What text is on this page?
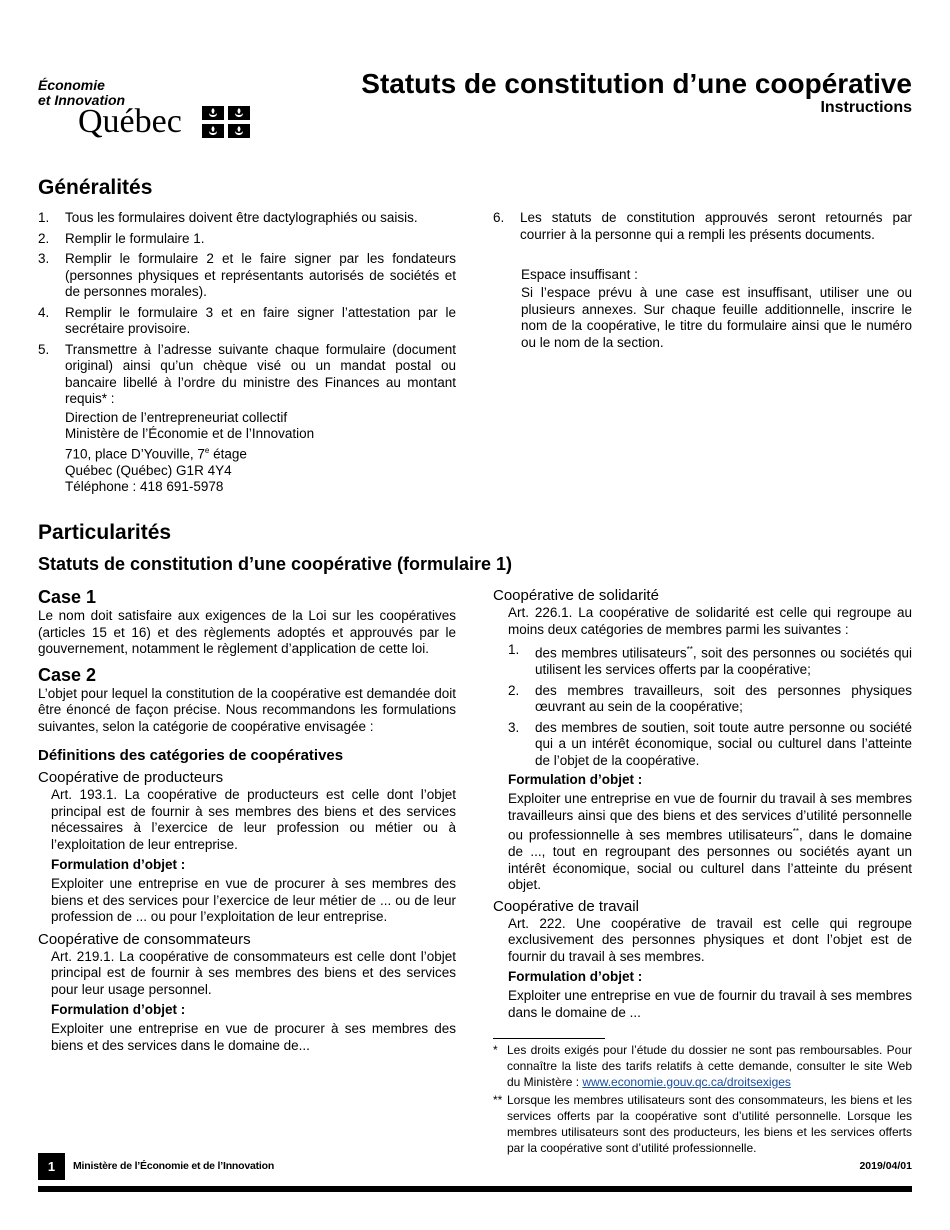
Économie
et Innovation
Québec
Statuts de constitution d’une coopérative
Instructions
Généralités
1. Tous les formulaires doivent être dactylographiés ou saisis.
2. Remplir le formulaire 1.
3. Remplir le formulaire 2 et le faire signer par les fondateurs (personnes physiques et représentants autorisés de sociétés et de personnes morales).
4. Remplir le formulaire 3 et en faire signer l’attestation par le secrétaire provisoire.
5. Transmettre à l’adresse suivante chaque formulaire (document original) ainsi qu’un chèque visé ou un mandat postal ou bancaire libellé à l’ordre du ministre des Finances au montant requis* :
Direction de l’entrepreneuriat collectif
Ministère de l’Économie et de l’Innovation
710, place D’Youville, 7e étage
Québec (Québec) G1R 4Y4
Téléphone : 418 691-5978
6. Les statuts de constitution approuvés seront retournés par courrier à la personne qui a rempli les présents documents.
Espace insuffisant :

Si l’espace prévu à une case est insuffisant, utiliser une ou plusieurs annexes. Sur chaque feuille additionnelle, inscrire le nom de la coopérative, le titre du formulaire ainsi que le numéro ou le nom de la section.

Particularités
Statuts de constitution d’une coopérative (formulaire 1)
Case 1

Le nom doit satisfaire aux exigences de la Loi sur les coopératives (articles 15 et 16) et des règlements adoptés et approuvés par le gouvernement, notamment le règlement d’application de cette loi.

Case 2

L’objet pour lequel la constitution de la coopérative est demandée doit être énoncé de façon précise. Nous recommandons les formulations suivantes, selon la catégorie de coopérative envisagée :

Définitions des catégories de coopératives
Coopérative de producteurs

Art. 193.1. La coopérative de producteurs est celle dont l’objet principal est de fournir à ses membres des biens et des services nécessaires à l’exercice de leur profession ou métier ou à l’exploitation de leur entreprise.

Formulation d’objet :

Exploiter une entreprise en vue de procurer à ses membres des biens et des services pour l’exercice de leur métier de ... ou de leur profession de ... ou pour l’exploitation de leur entreprise.

Coopérative de consommateurs

Art. 219.1. La coopérative de consommateurs est celle dont l’objet principal est de fournir à ses membres des biens et des services pour leur usage personnel.

Formulation d’objet :

Exploiter une entreprise en vue de procurer à ses membres des biens et des services dans le domaine de...

Coopérative de solidarité

Art. 226.1. La coopérative de solidarité est celle qui regroupe au moins deux catégories de membres parmi les suivantes :

1. des membres utilisateurs**, soit des personnes ou sociétés qui utilisent les services offerts par la coopérative;
2. des membres travailleurs, soit des personnes physiques œuvrant au sein de la coopérative;
3. des membres de soutien, soit toute autre personne ou société qui a un intérêt économique, social ou culturel dans l’atteinte de l’objet de la coopérative.
Formulation d’objet :

Exploiter une entreprise en vue de fournir du travail à ses membres travailleurs ainsi que des biens et des services d’utilité personnelle ou professionnelle à ses membres utilisateurs**, dans le domaine de ..., tout en regroupant des personnes ou sociétés ayant un intérêt économique, social ou culturel dans l’atteinte du présent objet.

Coopérative de travail

Art. 222. Une coopérative de travail est celle qui regroupe exclusivement des personnes physiques et dont l’objet est de fournir du travail à ses membres.

Formulation d’objet :

Exploiter une entreprise en vue de fournir du travail à ses membres dans le domaine de ...

* Les droits exigés pour l’étude du dossier ne sont pas remboursables. Pour connaître la liste des tarifs relatifs à cette demande, consulter le site Web du Ministère : www.economie.gouv.qc.ca/droitsexiges
** Lorsque les membres utilisateurs sont des consommateurs, les biens et les services offerts par la coopérative sont d’utilité personnelle. Lorsque les membres utilisateurs sont des producteurs, les biens et les services offerts par la coopérative sont d’utilité professionnelle.
1	Ministère de l’Économie et de l’Innovation	2019/04/01
